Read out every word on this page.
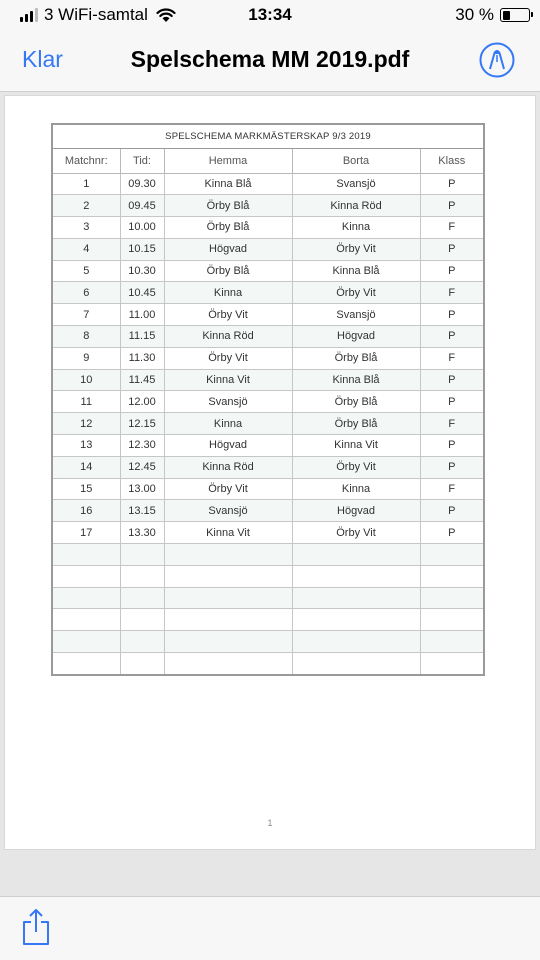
3 WiFi-samtal	13:34	30 %
Klar	Spelschema MM 2019.pdf
SPELSCHEMA MARKMÄSTERSKAP 9/3 2019
Matchnr:	Tid:	Hemma	Borta	Klass
1	09.30	Kinna Blå	Svansjö	P
2	09.45	Örby Blå	Kinna Röd	P
3	10.00	Örby Blå	Kinna	F
4	10.15	Högvad	Örby Vit	P
5	10.30	Örby Blå	Kinna Blå	P
6	10.45	Kinna	Örby Vit	F
7	11.00	Örby Vit	Svansjö	P
8	11.15	Kinna Röd	Högvad	P
9	11.30	Örby Vit	Örby Blå	F
10	11.45	Kinna Vit	Kinna Blå	P
11	12.00	Svansjö	Örby Blå	P
12	12.15	Kinna	Örby Blå	F
13	12.30	Högvad	Kinna Vit	P
14	12.45	Kinna Röd	Örby Vit	P
15	13.00	Örby Vit	Kinna	F
16	13.15	Svansjö	Högvad	P
17	13.30	Kinna Vit	Örby Vit	P

1
